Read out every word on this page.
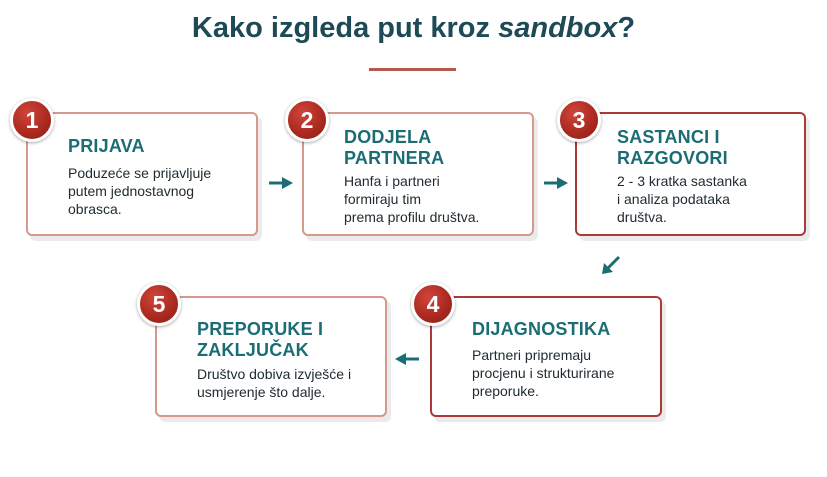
Kako izgleda put kroz sandbox?
PRIJAVA
Poduzeće se prijavljuje
putem jednostavnog
obrasca.
1
DODJELA
PARTNERA
Hanfa i partneri
formiraju tim
prema profilu društva.
2
SASTANCI I
RAZGOVORI
2 - 3 kratka sastanka
i analiza podataka
društva.
3
DIJAGNOSTIKA
Partneri pripremaju
procjenu i strukturirane
preporuke.
4
PREPORUKE I
ZAKLJUČAK
Društvo dobiva izvješće i
usmjerenje što dalje.
5
